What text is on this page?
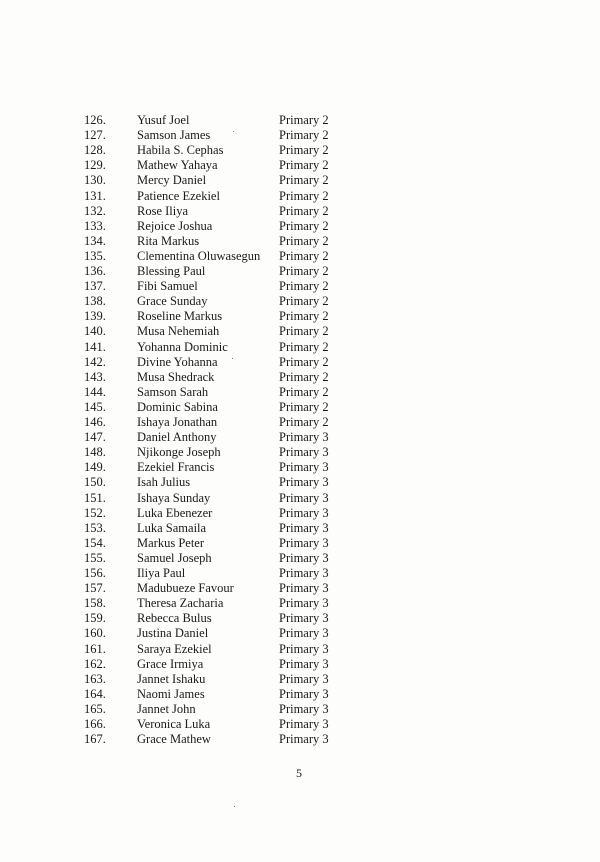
126. Yusuf Joel	Primary 2
127. Samson James	Primary 2
128. Habila S. Cephas	Primary 2
129. Mathew Yahaya	Primary 2
130. Mercy Daniel	Primary 2
131. Patience Ezekiel	Primary 2
132. Rose Iliya	Primary 2
133. Rejoice Joshua	Primary 2
134. Rita Markus	Primary 2
135. Clementina Oluwasegun Primary 2
136. Blessing Paul	Primary 2
137. Fibi Samuel	Primary 2
138. Grace Sunday	Primary 2
139. Roseline Markus	Primary 2
140. Musa Nehemiah	Primary 2
141. Yohanna Dominic	Primary 2
142. Divine Yohanna	Primary 2
143. Musa Shedrack	Primary 2
144. Samson Sarah	Primary 2
145. Dominic Sabina	Primary 2
146. Ishaya Jonathan	Primary 2
147. Daniel Anthony	Primary 3
148. Njikonge Joseph	Primary 3
149. Ezekiel Francis	Primary 3
150. Isah Julius	Primary 3
151. Ishaya Sunday	Primary 3
152. Luka Ebenezer	Primary 3
153. Luka Samaila	Primary 3
154. Markus Peter	Primary 3
155. Samuel Joseph	Primary 3
156. Iliya Paul	Primary 3
157. Madubueze Favour	Primary 3
158. Theresa Zacharia	Primary 3
159. Rebecca Bulus	Primary 3
160. Justina Daniel	Primary 3
161. Saraya Ezekiel	Primary 3
162. Grace Irmiya	Primary 3
163. Jannet Ishaku	Primary 3
164. Naomi James	Primary 3
165. Jannet John	Primary 3
166. Veronica Luka	Primary 3
167. Grace Mathew	Primary 3
5
